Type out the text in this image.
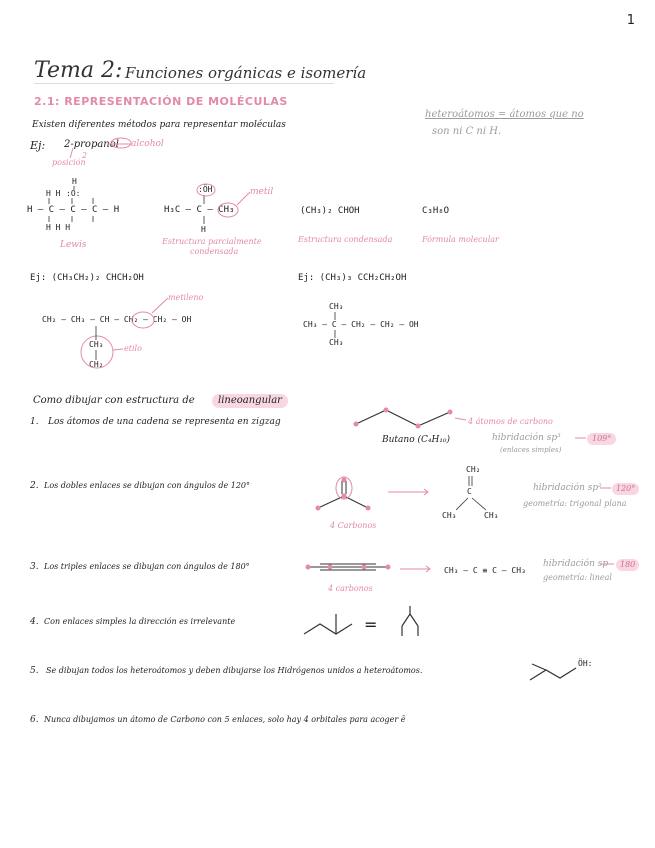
1
Tema 2: Funciones orgánicas e isomería
2.1: REPRESENTACIÓN DE MOLÉCULAS
heteroátomos = átomos que no
son ni C ni H.
Existen diferentes métodos para representar moléculas
Ej: 2-propanol alcohol
2
posición
H
H H :O:
H – C – C – C – H
H H H
Lewis
:ÖH
H₃C – C – CH₃
H
metil
Estructura parcialmente
condensada
(CH₃)₂ CHOH
Estructura condensada
C₃H₈O
Fórmula molecular
Ej: (CH₃CH₂)₂ CHCH₂OH
metileno
CH₂ – CH₃ – CH – CH₂ – CH₂ – OH
CH₃
CH₂
etilo
Ej: (CH₃)₃ CCH₂CH₂OH
CH₃
CH₃ – C – CH₂ – CH₂ – OH
CH₃
Como dibujar con estructura de	lineoangular
1. Los átomos de una cadena se representa en zigzag
2. Los dobles enlaces se dibujan con ángulos de 120°
3. Los triples enlaces se dibujan con ángulos de 180°
4. Con enlaces simples la dirección es irrelevante
5. Se dibujan todos los heteroátomos y deben dibujarse los Hidrógenos unidos a heteroátomos.
6. Nunca dibujamos un átomo de Carbono con 5 enlaces, solo hay 4 orbitales para acoger ē
4 átomos de carbono
Butano (C₄H₁₀)	hibridación sp³	109°
(enlaces simples)
4 Carbonos
CH₂
C
CH₃	CH₃
hibridación sp²	120°
geometría: trigonal plana
4 carbonos
CH₃ – C ≡ C – CH₃
hibridación sp	180
geometría: lineal
=
ÖH:
